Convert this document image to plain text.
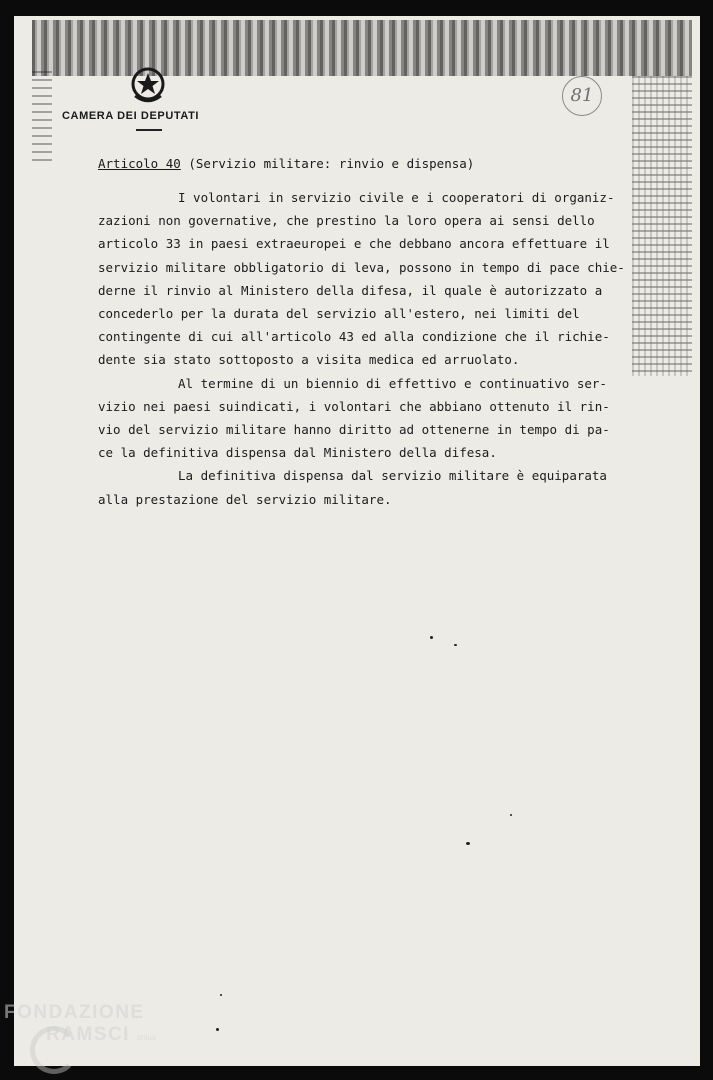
CAMERA DEI DEPUTATI
81
Articolo 40 (Servizio militare: rinvio e dispensa)
I volontari in servizio civile e i cooperatori di organiz-
zazioni non governative, che prestino la loro opera ai sensi dello
articolo 33 in paesi extraeuropei e che debbano ancora effettuare il
servizio militare obbligatorio di leva, possono in tempo di pace chie-
derne il rinvio al Ministero della difesa, il quale è autorizzato a
concederlo per la durata del servizio all'estero, nei limiti del
contingente di cui all'articolo 43 ed alla condizione che il richie-
dente sia stato sottoposto a visita medica ed arruolato.
Al termine di un biennio di effettivo e continuativo ser-
vizio nei paesi suindicati, i volontari che abbiano ottenuto il rin-
vio del servizio militare hanno diritto ad ottenerne in tempo di pa-
ce la definitiva dispensa dal Ministero della difesa.
La definitiva dispensa dal servizio militare è equiparata
alla prestazione del servizio militare.
FONDAZIONE
RAMSCI onlus
